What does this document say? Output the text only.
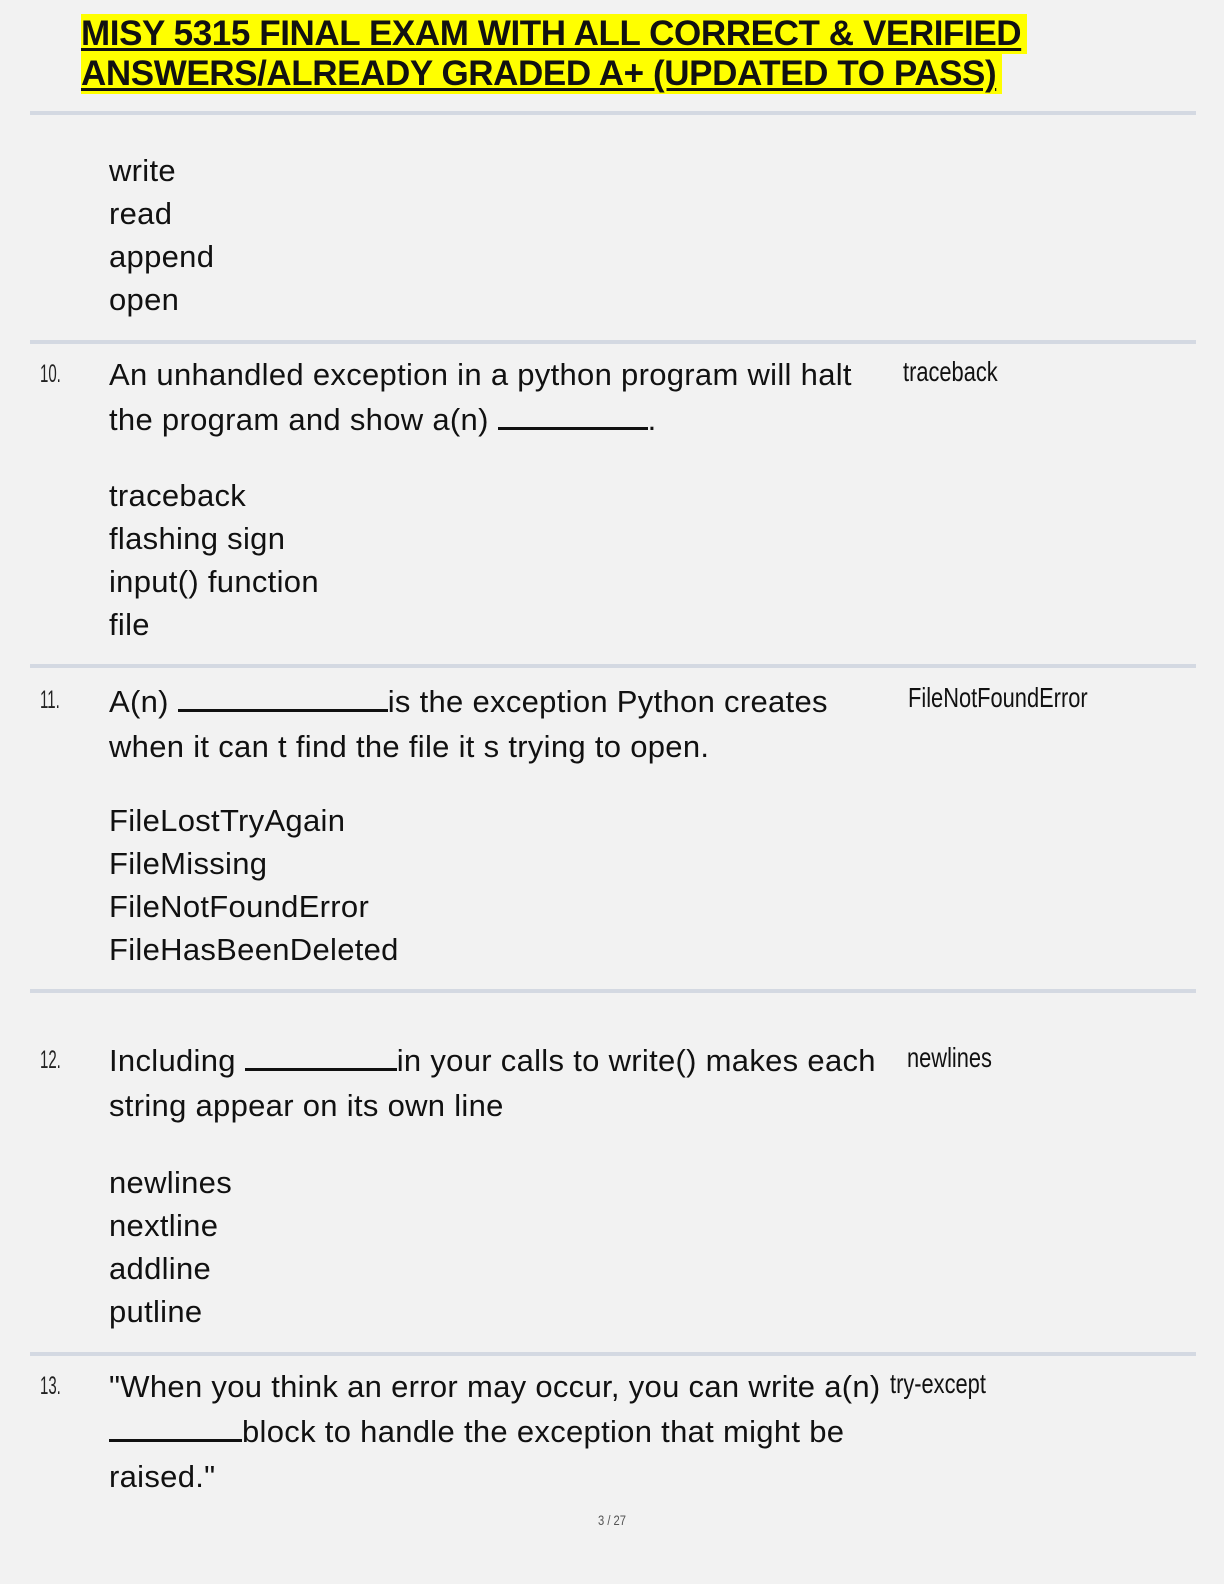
MISY 5315 FINAL EXAM WITH ALL CORRECT & VERIFIED
ANSWERS/ALREADY GRADED A+ (UPDATED TO PASS)
write
read
append
open
10. An unhandled exception in a python program will halt
the program and show a(n)	.
traceback
traceback
flashing sign
input() function
file
11. A(n)	is the exception Python creates
when it can t find the file it s trying to open.
FileNotFoundError
FileLostTryAgain
FileMissing
FileNotFoundError
FileHasBeenDeleted
12. Including	in your calls to write() makes each
string appear on its own line
newlines
newlines
nextline
addline
putline
13. "When you think an error may occur, you can write a(n)
block to handle the exception that might be
raised."
try-except
3 / 27
